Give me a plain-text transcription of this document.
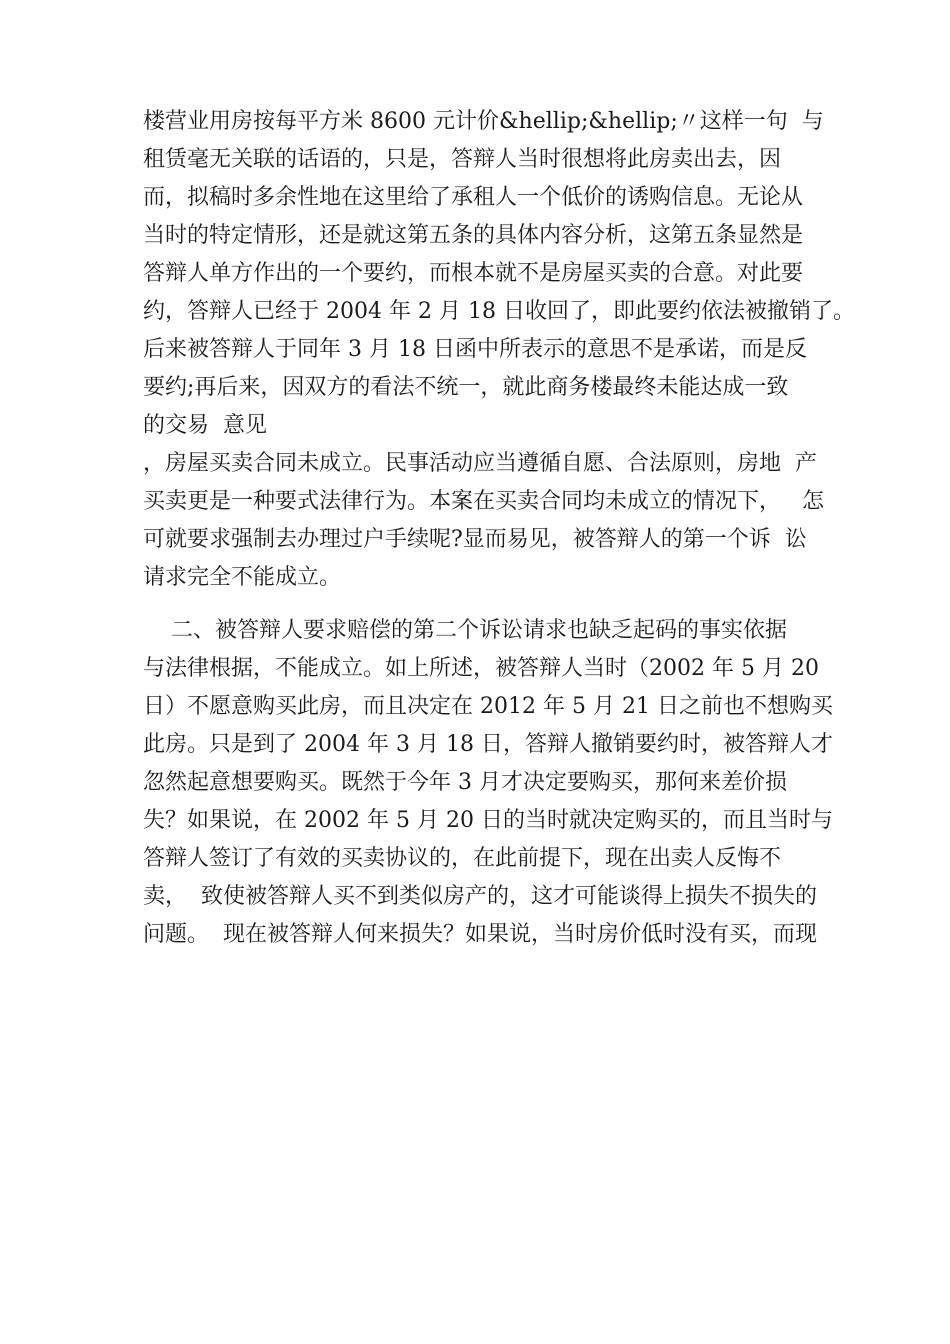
楼营业用房按每平方米 8600 元计价&hellip;&hellip;〃这样一句  与
租赁毫无关联的话语的，只是，答辩人当时很想将此房卖出去，因
而，拟稿时多余性地在这里给了承租人一个低价的诱购信息。无论从
当时的特定情形，还是就这第五条的具体内容分析，这第五条显然是
答辩人单方作出的一个要约，而根本就不是房屋买卖的合意。对此要
约，答辩人已经于 2004 年 2 月 18 日收回了，即此要约依法被撤销了。
后来被答辩人于同年 3 月 18 日函中所表示的意思不是承诺，而是反
要约;再后来，因双方的看法不统一，就此商务楼最终未能达成一致
的交易  意见
，房屋买卖合同未成立。民事活动应当遵循自愿、合法原则，房地  产
买卖更是一种要式法律行为。本案在买卖合同均未成立的情况下，   怎
可就要求强制去办理过户手续呢?显而易见，被答辩人的第一个诉  讼
请求完全不能成立。
二、被答辩人要求赔偿的第二个诉讼请求也缺乏起码的事实依据
与法律根据，不能成立。如上所述，被答辩人当时（2002 年 5 月 20
日）不愿意购买此房，而且决定在 2012 年 5 月 21 日之前也不想购买
此房。只是到了 2004 年 3 月 18 日，答辩人撤销要约时，被答辩人才
忽然起意想要购买。既然于今年 3 月才决定要购买，那何来差价损
失？如果说，在 2002 年 5 月 20 日的当时就决定购买的，而且当时与
答辩人签订了有效的买卖协议的，在此前提下，现在出卖人反悔不
卖，  致使被答辩人买不到类似房产的，这才可能谈得上损失不损失的
问题。  现在被答辩人何来损失？如果说，当时房价低时没有买，而现
